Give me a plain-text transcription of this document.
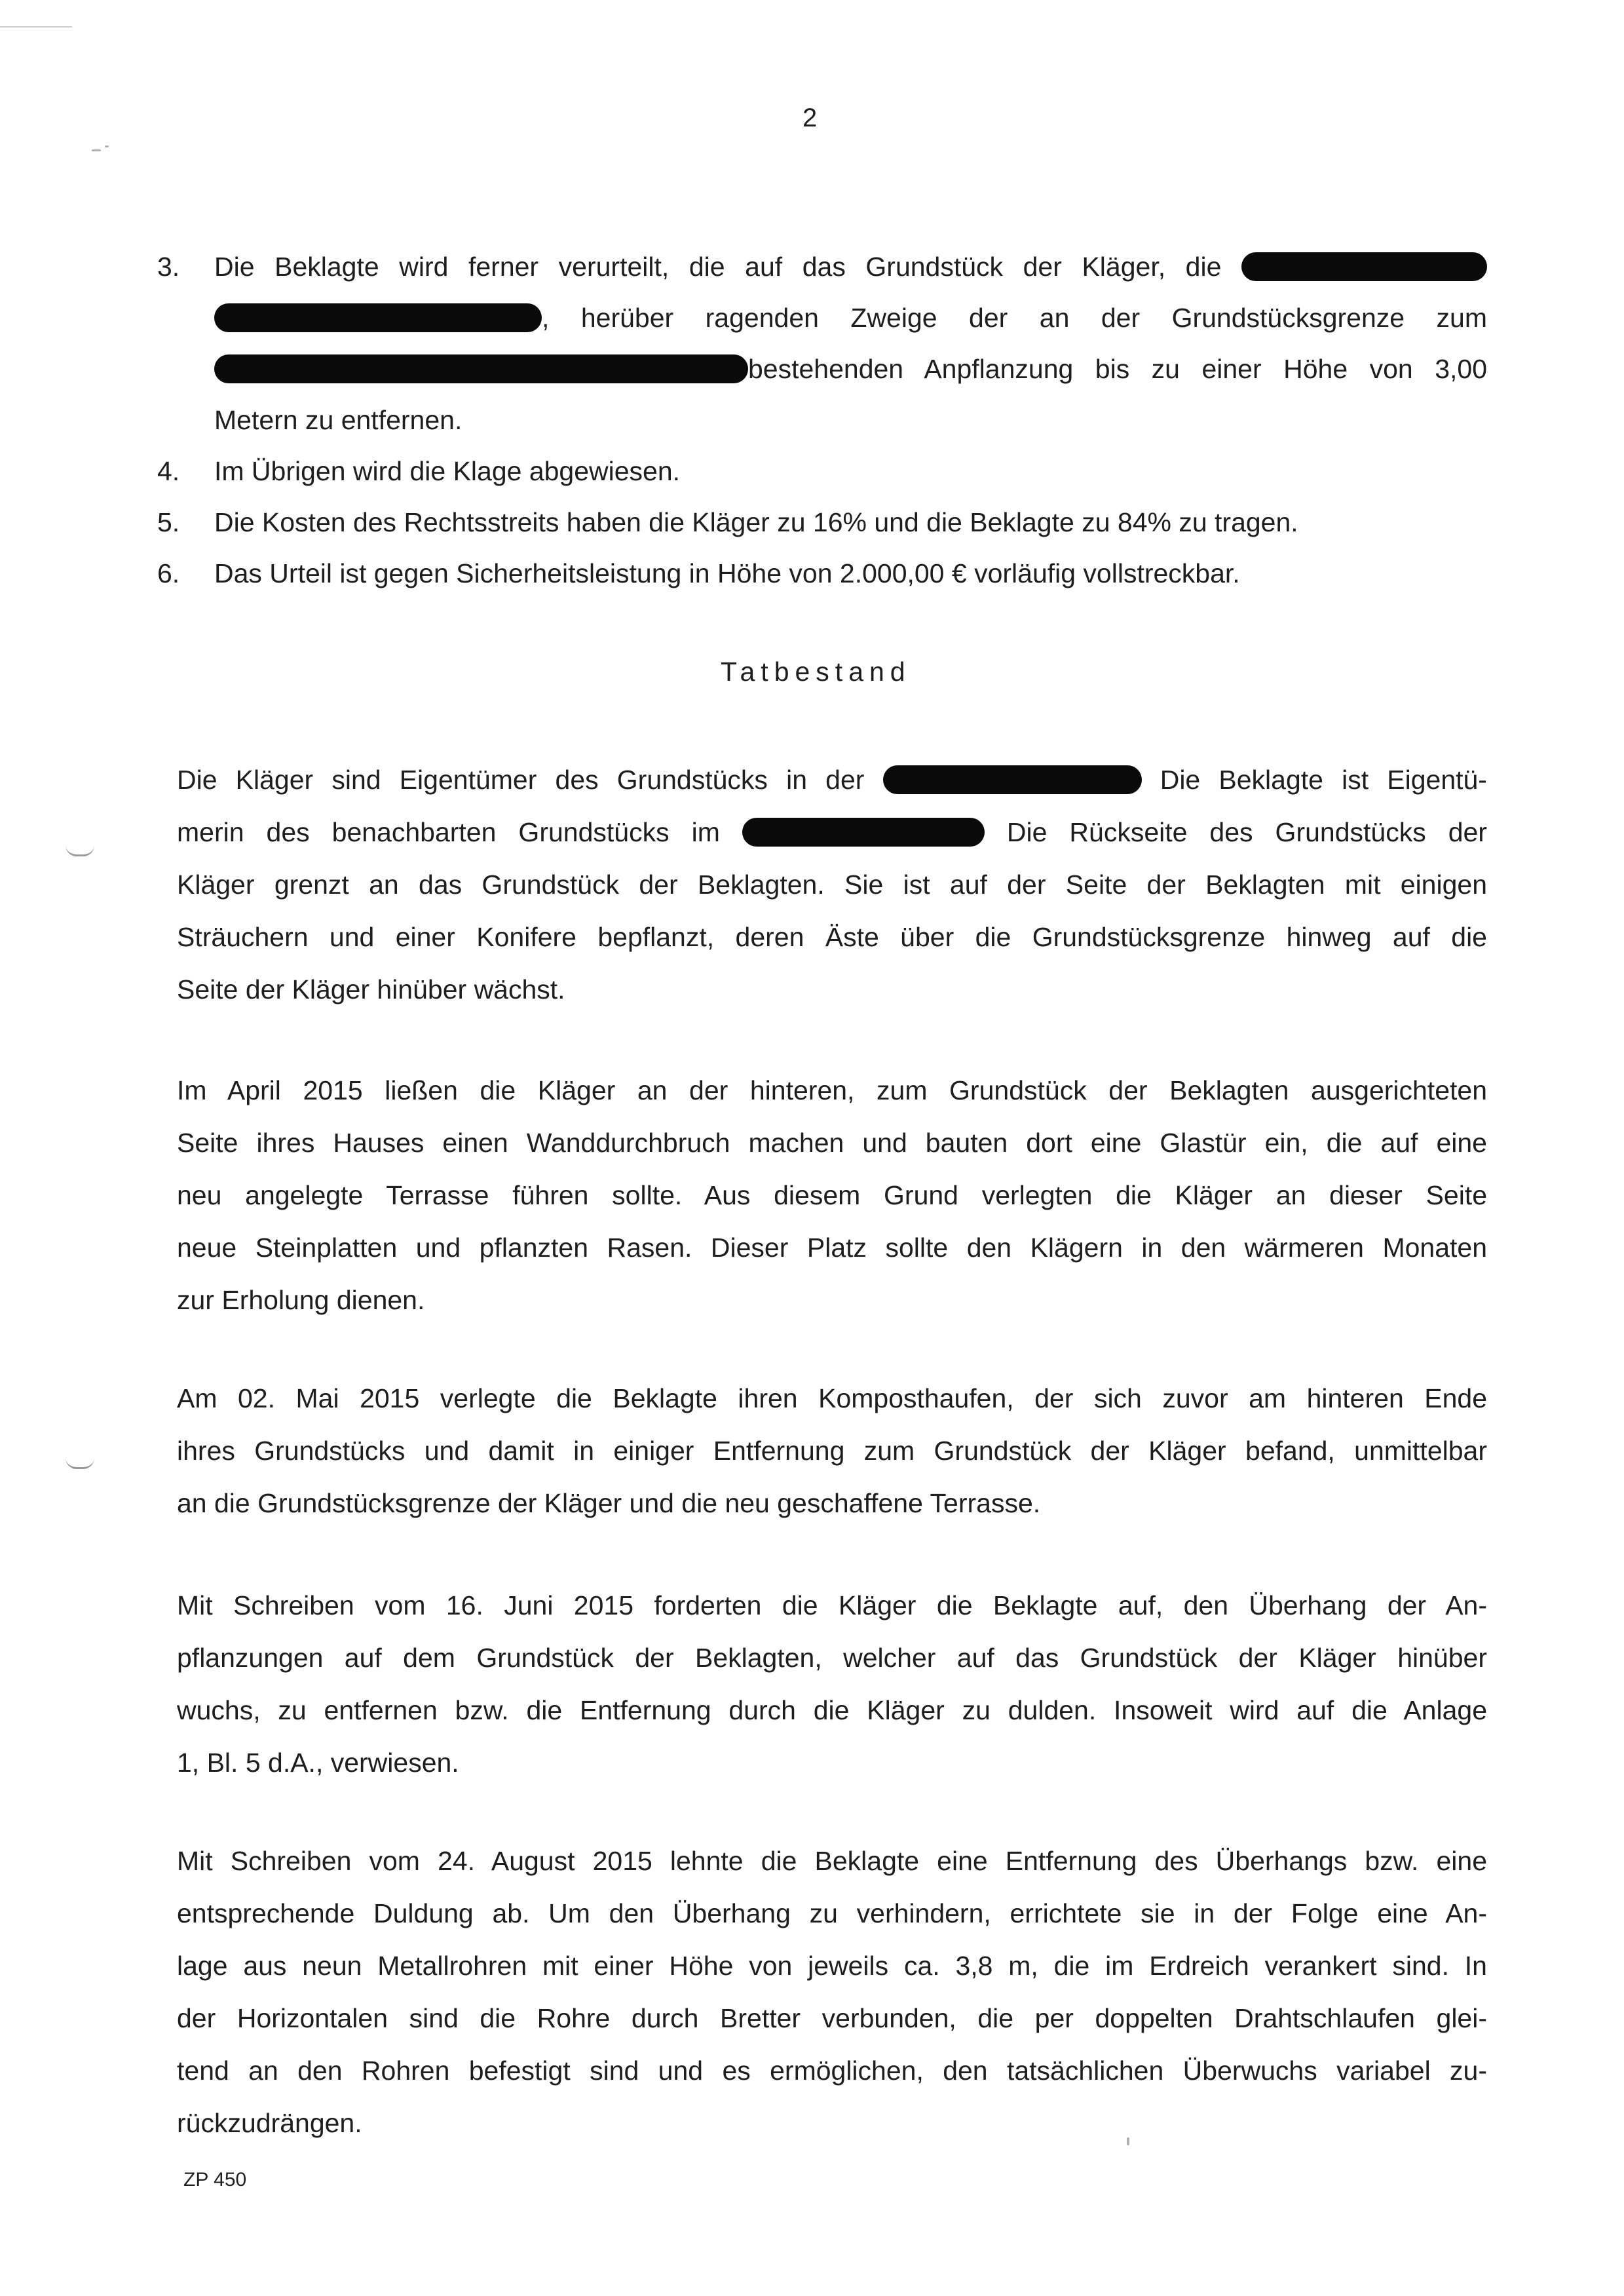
2
3.	Die Beklagte wird ferner verurteilt, die auf das Grundstück der Kläger, die
, herüber ragenden Zweige der an der Grundstücksgrenze zum
bestehenden Anpflanzung bis zu einer Höhe von 3,00
Metern zu entfernen.
4.	Im Übrigen wird die Klage abgewiesen.
5.	Die Kosten des Rechtsstreits haben die Kläger zu 16% und die Beklagte zu 84% zu tragen.
6.	Das Urteil ist gegen Sicherheitsleistung in Höhe von 2.000,00 € vorläufig vollstreckbar.
Tatbestand
Die Kläger sind Eigentümer des Grundstücks in der	Die Beklagte ist Eigentü-
merin des benachbarten Grundstücks im	Die Rückseite des Grundstücks der
Kläger grenzt an das Grundstück der Beklagten. Sie ist auf der Seite der Beklagten mit einigen
Sträuchern und einer Konifere bepflanzt, deren Äste über die Grundstücksgrenze hinweg auf die
Seite der Kläger hinüber wächst.
Im April 2015 ließen die Kläger an der hinteren, zum Grundstück der Beklagten ausgerichteten
Seite ihres Hauses einen Wanddurchbruch machen und bauten dort eine Glastür ein, die auf eine
neu angelegte Terrasse führen sollte. Aus diesem Grund verlegten die Kläger an dieser Seite
neue Steinplatten und pflanzten Rasen. Dieser Platz sollte den Klägern in den wärmeren Monaten
zur Erholung dienen.
Am 02. Mai 2015 verlegte die Beklagte ihren Komposthaufen, der sich zuvor am hinteren Ende
ihres Grundstücks und damit in einiger Entfernung zum Grundstück der Kläger befand, unmittelbar
an die Grundstücksgrenze der Kläger und die neu geschaffene Terrasse.
Mit Schreiben vom 16. Juni 2015 forderten die Kläger die Beklagte auf, den Überhang der An-
pflanzungen auf dem Grundstück der Beklagten, welcher auf das Grundstück der Kläger hinüber
wuchs, zu entfernen bzw. die Entfernung durch die Kläger zu dulden. Insoweit wird auf die Anlage
1, Bl. 5 d.A., verwiesen.
Mit Schreiben vom 24. August 2015 lehnte die Beklagte eine Entfernung des Überhangs bzw. eine
entsprechende Duldung ab. Um den Überhang zu verhindern, errichtete sie in der Folge eine An-
lage aus neun Metallrohren mit einer Höhe von jeweils ca. 3,8 m, die im Erdreich verankert sind. In
der Horizontalen sind die Rohre durch Bretter verbunden, die per doppelten Drahtschlaufen glei-
tend an den Rohren befestigt sind und es ermöglichen, den tatsächlichen Überwuchs variabel zu-
rückzudrängen.
ZP 450
